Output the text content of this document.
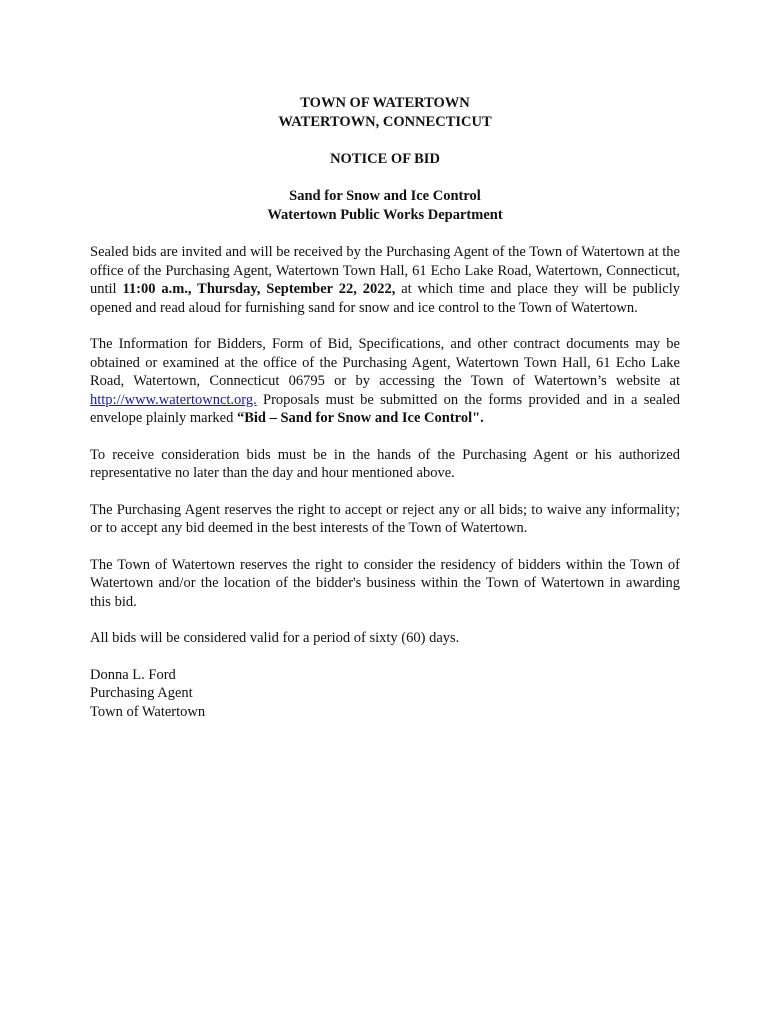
TOWN OF WATERTOWN
WATERTOWN, CONNECTICUT
NOTICE OF BID
Sand for Snow and Ice Control
Watertown Public Works Department

Sealed bids are invited and will be received by the Purchasing Agent of the Town of Watertown at the office of the Purchasing Agent, Watertown Town Hall, 61 Echo Lake Road, Watertown, Connecticut, until 11:00 a.m., Thursday, September 22, 2022, at which time and place they will be publicly opened and read aloud for furnishing sand for snow and ice control to the Town of Watertown.

The Information for Bidders, Form of Bid, Specifications, and other contract documents may be obtained or examined at the office of the Purchasing Agent, Watertown Town Hall, 61 Echo Lake Road, Watertown, Connecticut 06795 or by accessing the Town of Watertown’s website at http://www.watertownct.org. Proposals must be submitted on the forms provided and in a sealed envelope plainly marked “Bid – Sand for Snow and Ice Control".

To receive consideration bids must be in the hands of the Purchasing Agent or his authorized representative no later than the day and hour mentioned above.

The Purchasing Agent reserves the right to accept or reject any or all bids; to waive any informality; or to accept any bid deemed in the best interests of the Town of Watertown.

The Town of Watertown reserves the right to consider the residency of bidders within the Town of Watertown and/or the location of the bidder's business within the Town of Watertown in awarding this bid.

All bids will be considered valid for a period of sixty (60) days.

Donna L. Ford
Purchasing Agent
Town of Watertown
